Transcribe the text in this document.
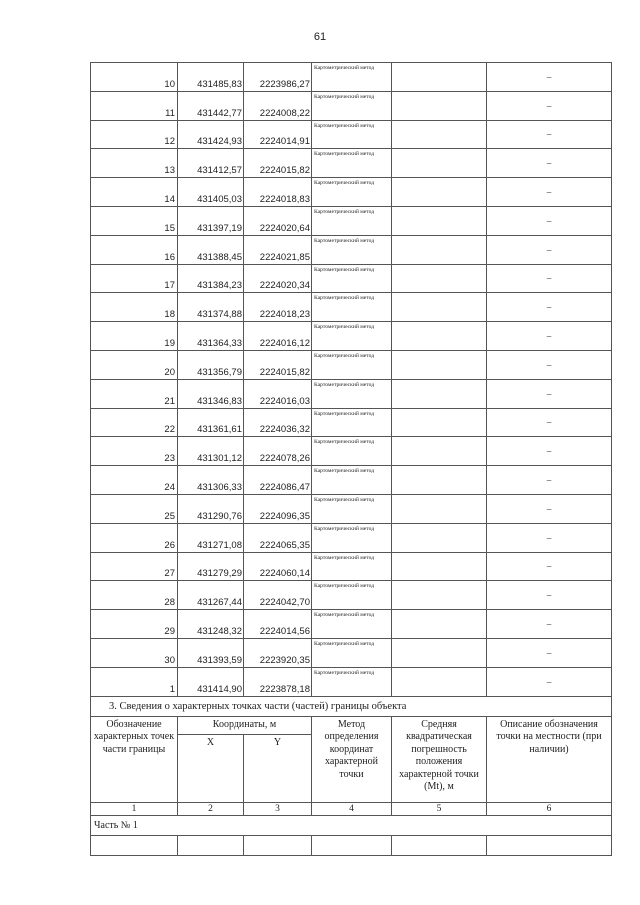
61
10	431485,83	2223986,27	Картометрический метод		–
11	431442,77	2224008,22	Картометрический метод		–
12	431424,93	2224014,91	Картометрический метод		–
13	431412,57	2224015,82	Картометрический метод		–
14	431405,03	2224018,83	Картометрический метод		–
15	431397,19	2224020,64	Картометрический метод		–
16	431388,45	2224021,85	Картометрический метод		–
17	431384,23	2224020,34	Картометрический метод		–
18	431374,88	2224018,23	Картометрический метод		–
19	431364,33	2224016,12	Картометрический метод		–
20	431356,79	2224015,82	Картометрический метод		–
21	431346,83	2224016,03	Картометрический метод		–
22	431361,61	2224036,32	Картометрический метод		–
23	431301,12	2224078,26	Картометрический метод		–
24	431306,33	2224086,47	Картометрический метод		–
25	431290,76	2224096,35	Картометрический метод		–
26	431271,08	2224065,35	Картометрический метод		–
27	431279,29	2224060,14	Картометрический метод		–
28	431267,44	2224042,70	Картометрический метод		–
29	431248,32	2224014,56	Картометрический метод		–
30	431393,59	2223920,35	Картометрический метод		–
1	431414,90	2223878,18	Картометрический метод		–
3. Сведения о характерных точках части (частей) границы объекта					
Обозначение характерных точек части границы	Координаты, м		Метод определения координат характерной точки	Средняя квадратическая погрешность положения характерной точки (Mt), м	Описание обозначения точки на местности (при наличии)
	X	Y			
1	2	3	4	5	6
Часть № 1					
